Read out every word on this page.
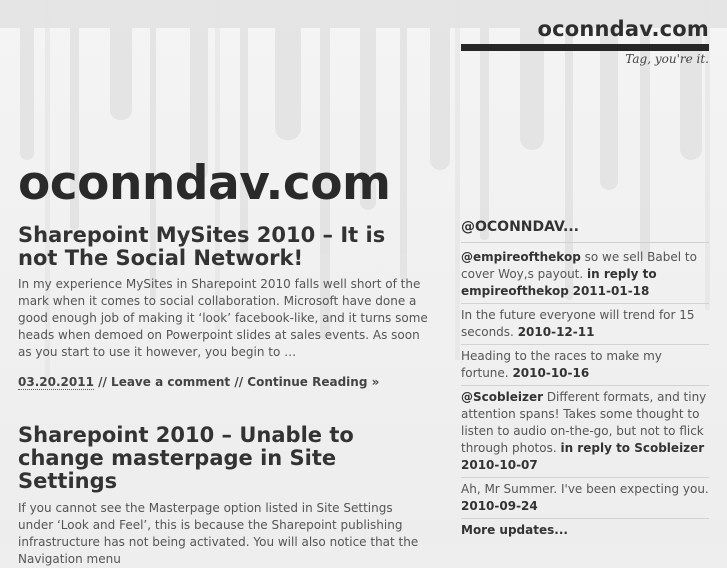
oconndav.com
Tag, you're it.
oconndav.com
Sharepoint MySites 2010 – It is not The Social Network!

In my experience MySites in Sharepoint 2010 falls well short of the mark when it comes to social collaboration. Microsoft have done a good enough job of making it ‘look’ facebook-like, and it turns some heads when demoed on Powerpoint slides at sales events. As soon as you start to use it however, you begin to …

03.20.2011 // Leave a comment // Continue Reading »
Sharepoint 2010 – Unable to change masterpage in Site Settings

If you cannot see the Masterpage option listed in Site Settings under ‘Look and Feel’, this is because the Sharepoint publishing infrastructure has not being activated. You will also notice that the Navigation menu

@OCONNDAV...
@empireofthekop so we sell Babel to cover Woy,s payout. in reply to empireofthekop 2011-01-18
In the future everyone will trend for 15 seconds. 2010-12-11
Heading to the races to make my fortune. 2010-10-16
@Scobleizer Different formats, and tiny attention spans! Takes some thought to listen to audio on-the-go, but not to flick through photos. in reply to Scobleizer 2010-10-07
Ah, Mr Summer. I've been expecting you. 2010-09-24
More updates...
